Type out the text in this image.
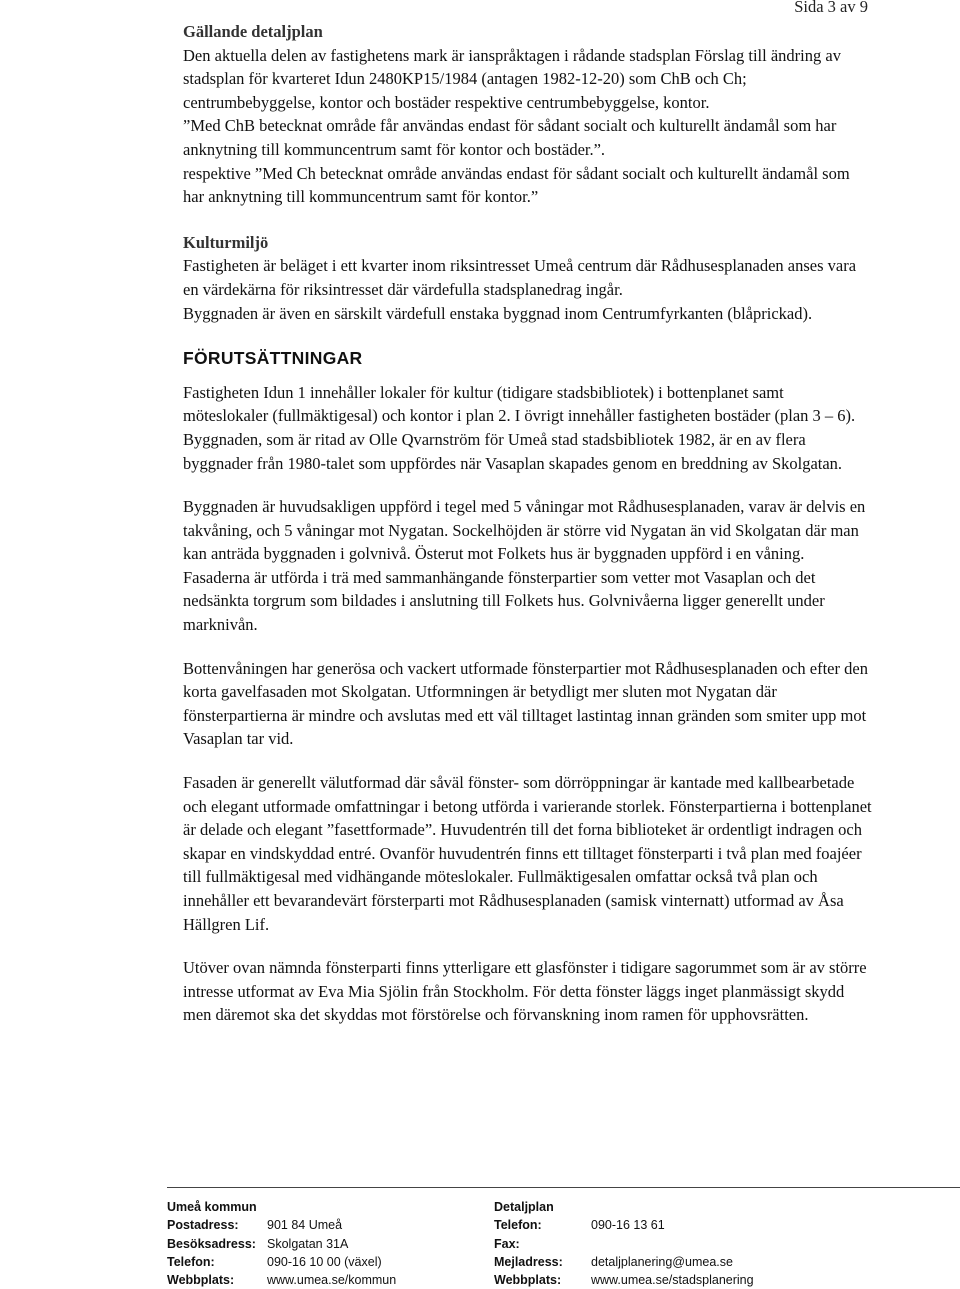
Sida 3 av 9
Gällande detaljplan

Den aktuella delen av fastighetens mark är ianspråktagen i rådande stadsplan Förslag till ändring av stadsplan för kvarteret Idun 2480KP15/1984 (antagen 1982-12-20) som ChB och Ch; centrumbebyggelse, kontor och bostäder respektive centrumbebyggelse, kontor.

”Med ChB betecknat område får användas endast för sådant socialt och kulturellt ändamål som har anknytning till kommuncentrum samt för kontor och bostäder.”.

respektive ”Med Ch betecknat område användas endast för sådant socialt och kulturellt ändamål som har anknytning till kommuncentrum samt för kontor.”

Kulturmiljö

Fastigheten är beläget i ett kvarter inom riksintresset Umeå centrum där Rådhusesplanaden anses vara en värdekärna för riksintresset där värdefulla stadsplanedrag ingår.

Byggnaden är även en särskilt värdefull enstaka byggnad inom Centrumfyrkanten (blåprickad).

FÖRUTSÄTTNINGAR

Fastigheten Idun 1 innehåller lokaler för kultur (tidigare stadsbibliotek) i bottenplanet samt möteslokaler (fullmäktigesal) och kontor i plan 2. I övrigt innehåller fastigheten bostäder (plan 3 – 6). Byggnaden, som är ritad av Olle Qvarnström för Umeå stad stadsbibliotek 1982, är en av flera byggnader från 1980-talet som uppfördes när Vasaplan skapades genom en breddning av Skolgatan.

Byggnaden är huvudsakligen uppförd i tegel med 5 våningar mot Rådhusesplanaden, varav är delvis en takvåning, och 5 våningar mot Nygatan. Sockelhöjden är större vid Nygatan än vid Skolgatan där man kan anträda byggnaden i golvnivå. Österut mot Folkets hus är byggnaden uppförd i en våning. Fasaderna är utförda i trä med sammanhängande fönsterpartier som vetter mot Vasaplan och det nedsänkta torgrum som bildades i anslutning till Folkets hus. Golvnivåerna ligger generellt under marknivån.

Bottenvåningen har generösa och vackert utformade fönsterpartier mot Rådhusesplanaden och efter den korta gavelfasaden mot Skolgatan. Utformningen är betydligt mer sluten mot Nygatan där fönsterpartierna är mindre och avslutas med ett väl tilltaget lastintag innan gränden som smiter upp mot Vasaplan tar vid.

Fasaden är generellt välutformad där såväl fönster- som dörröppningar är kantade med kallbearbetade och elegant utformade omfattningar i betong utförda i varierande storlek. Fönsterpartierna i bottenplanet är delade och elegant ”fasettformade”. Huvudentrén till det forna biblioteket är ordentligt indragen och skapar en vindskyddad entré. Ovanför huvudentrén finns ett tilltaget fönsterparti i två plan med foajéer till fullmäktigesal med vidhängande möteslokaler. Fullmäktigesalen omfattar också två plan och innehåller ett bevarandevärt försterparti mot Rådhusesplanaden (samisk vinternatt) utformad av Åsa Hällgren Lif.

Utöver ovan nämnda fönsterparti finns ytterligare ett glasfönster i tidigare sagorummet som är av större intresse utformat av Eva Mia Sjölin från Stockholm. För detta fönster läggs inget planmässigt skydd men däremot ska det skyddas mot förstörelse och förvanskning inom ramen för upphovsrätten.

Umeå kommun
Postadress: 901 84 Umeå
Besöksadress: Skolgatan 31A
Telefon:	090-16 10 00 (växel)
Webbplats:	www.umea.se/kommun
Detaljplan
Telefon:	090-16 13 61
Fax:
Mejladress: detaljplanering@umea.se
Webbplats: www.umea.se/stadsplanering
